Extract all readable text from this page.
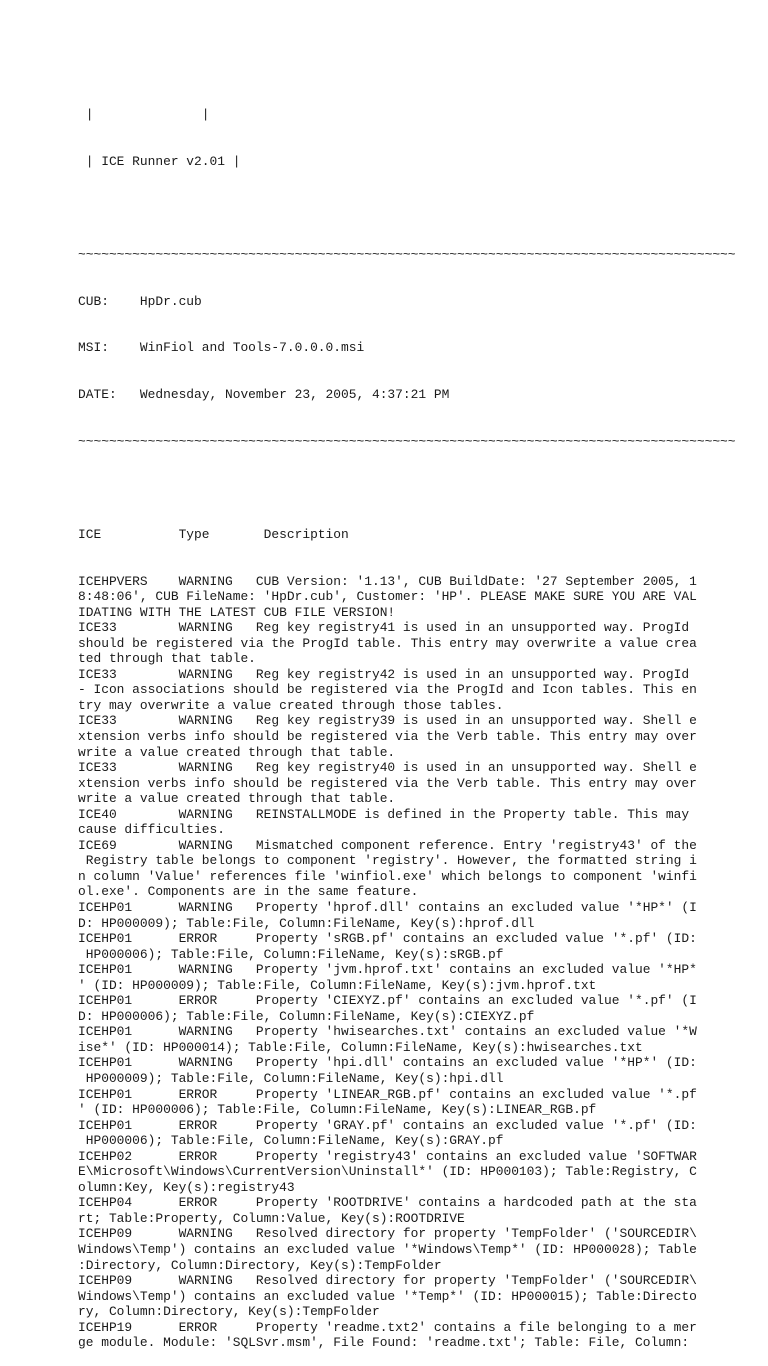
|              |

| ICE Runner v2.01 |

~~~~~~~~~~~~~~~~~~~~~~~~~~~~~~~~~~~~~~~~~~~~~~~~~~~~~~~~~~~~~~~~~~~~~~~~~~~~~~~~~~~~~

CUB:    HpDr.cub

MSI:    WinFiol and Tools-7.0.0.0.msi

DATE:   Wednesday, November 23, 2005, 4:37:21 PM

~~~~~~~~~~~~~~~~~~~~~~~~~~~~~~~~~~~~~~~~~~~~~~~~~~~~~~~~~~~~~~~~~~~~~~~~~~~~~~~~~~~~~

ICE          Type       Description

ICEHPVERS    WARNING   CUB Version: '1.13', CUB BuildDate: '27 September 2005, 1
8:48:06', CUB FileName: 'HpDr.cub', Customer: 'HP'. PLEASE MAKE SURE YOU ARE VAL
IDATING WITH THE LATEST CUB FILE VERSION!
ICE33        WARNING   Reg key registry41 is used in an unsupported way. ProgId
should be registered via the ProgId table. This entry may overwrite a value crea
ted through that table.
ICE33        WARNING   Reg key registry42 is used in an unsupported way. ProgId
- Icon associations should be registered via the ProgId and Icon tables. This en
try may overwrite a value created through those tables.
ICE33        WARNING   Reg key registry39 is used in an unsupported way. Shell e
xtension verbs info should be registered via the Verb table. This entry may over
write a value created through that table.
ICE33        WARNING   Reg key registry40 is used in an unsupported way. Shell e
xtension verbs info should be registered via the Verb table. This entry may over
write a value created through that table.
ICE40        WARNING   REINSTALLMODE is defined in the Property table. This may
cause difficulties.
ICE69        WARNING   Mismatched component reference. Entry 'registry43' of the
Registry table belongs to component 'registry'. However, the formatted string i
n column 'Value' references file 'winfiol.exe' which belongs to component 'winfi
ol.exe'. Components are in the same feature.
ICEHP01      WARNING   Property 'hprof.dll' contains an excluded value '*HP*' (I
D: HP000009); Table:File, Column:FileName, Key(s):hprof.dll
ICEHP01      ERROR     Property 'sRGB.pf' contains an excluded value '*.pf' (ID:
HP000006); Table:File, Column:FileName, Key(s):sRGB.pf
ICEHP01      WARNING   Property 'jvm.hprof.txt' contains an excluded value '*HP*
' (ID: HP000009); Table:File, Column:FileName, Key(s):jvm.hprof.txt
ICEHP01      ERROR     Property 'CIEXYZ.pf' contains an excluded value '*.pf' (I
D: HP000006); Table:File, Column:FileName, Key(s):CIEXYZ.pf
ICEHP01      WARNING   Property 'hwisearches.txt' contains an excluded value '*W
ise*' (ID: HP000014); Table:File, Column:FileName, Key(s):hwisearches.txt
ICEHP01      WARNING   Property 'hpi.dll' contains an excluded value '*HP*' (ID:
HP000009); Table:File, Column:FileName, Key(s):hpi.dll
ICEHP01      ERROR     Property 'LINEAR_RGB.pf' contains an excluded value '*.pf
' (ID: HP000006); Table:File, Column:FileName, Key(s):LINEAR_RGB.pf
ICEHP01      ERROR     Property 'GRAY.pf' contains an excluded value '*.pf' (ID:
HP000006); Table:File, Column:FileName, Key(s):GRAY.pf
ICEHP02      ERROR     Property 'registry43' contains an excluded value 'SOFTWAR
E\Microsoft\Windows\CurrentVersion\Uninstall*' (ID: HP000103); Table:Registry, C
olumn:Key, Key(s):registry43
ICEHP04      ERROR     Property 'ROOTDRIVE' contains a hardcoded path at the sta
rt; Table:Property, Column:Value, Key(s):ROOTDRIVE
ICEHP09      WARNING   Resolved directory for property 'TempFolder' ('SOURCEDIR\
Windows\Temp') contains an excluded value '*Windows\Temp*' (ID: HP000028); Table
:Directory, Column:Directory, Key(s):TempFolder
ICEHP09      WARNING   Resolved directory for property 'TempFolder' ('SOURCEDIR\
Windows\Temp') contains an excluded value '*Temp*' (ID: HP000015); Table:Directo
ry, Column:Directory, Key(s):TempFolder
ICEHP19      ERROR     Property 'readme.txt2' contains a file belonging to a mer
ge module. Module: 'SQLSvr.msm', File Found: 'readme.txt'; Table: File, Column:
